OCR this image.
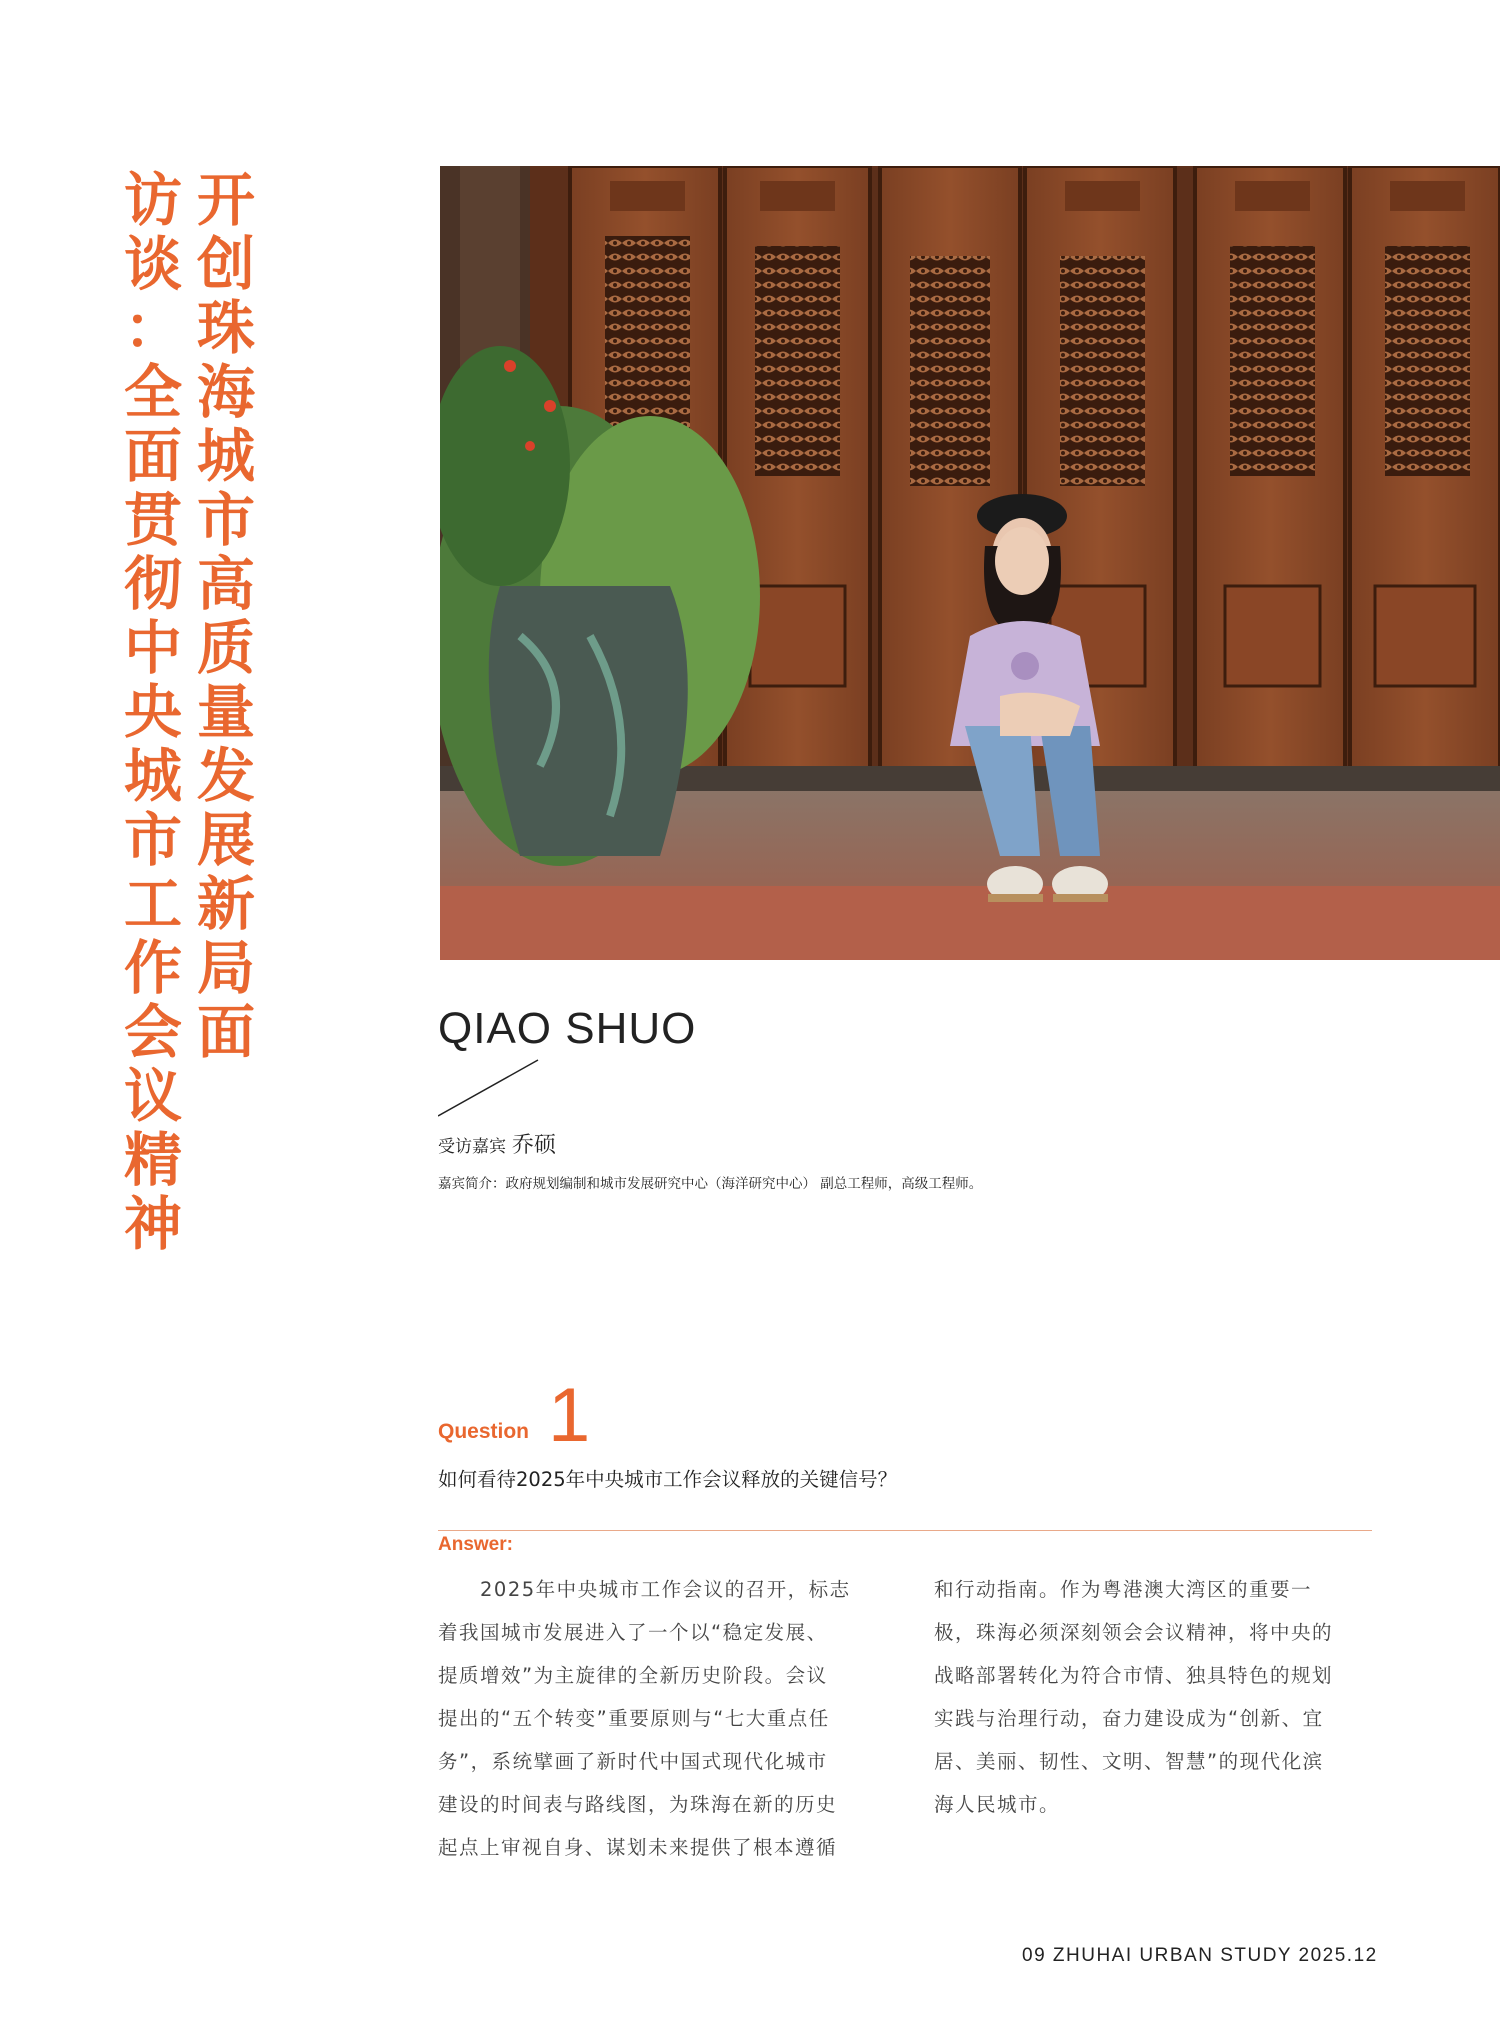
开
创
珠
海
城
市
高
质
量
发
展
新
局
面
访
谈
：
全
面
贯
彻
中
央
城
市
工
作
会
议
精
神
QIAO SHUO
受访嘉宾 乔硕
嘉宾简介：政府规划编制和城市发展研究中心（海洋研究中心） 副总工程师，高级工程师。
Question 1
如何看待2025年中央城市工作会议释放的关键信号？
Answer:
　　2025年中央城市工作会议的召开，标志
着我国城市发展进入了一个以“稳定发展、
提质增效”为主旋律的全新历史阶段。会议
提出的“五个转变”重要原则与“七大重点任
务”，系统擘画了新时代中国式现代化城市
建设的时间表与路线图，为珠海在新的历史
起点上审视自身、谋划未来提供了根本遵循
和行动指南。作为粤港澳大湾区的重要一
极，珠海必须深刻领会会议精神，将中央的
战略部署转化为符合市情、独具特色的规划
实践与治理行动，奋力建设成为“创新、宜
居、美丽、韧性、文明、智慧”的现代化滨
海人民城市。
09 ZHUHAI URBAN STUDY 2025.12
